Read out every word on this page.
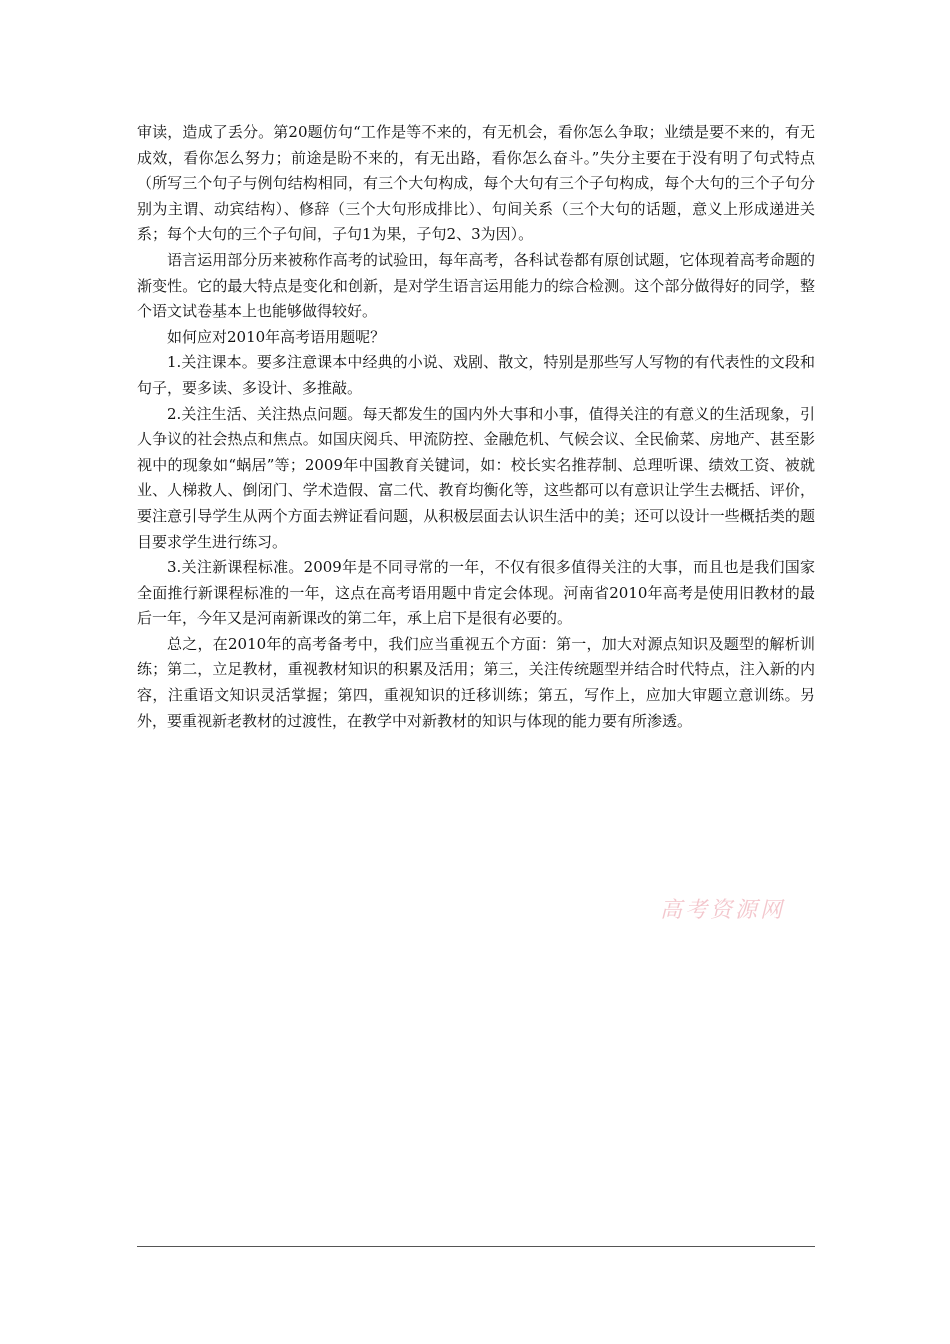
审读，造成了丢分。第20题仿句“工作是等不来的，有无机会，看你怎么争取；业绩是要不来的，有无成效，看你怎么努力；前途是盼不来的，有无出路，看你怎么奋斗。”失分主要在于没有明了句式特点（所写三个句子与例句结构相同，有三个大句构成，每个大句有三个子句构成，每个大句的三个子句分别为主谓、动宾结构）、修辞（三个大句形成排比）、句间关系（三个大句的话题，意义上形成递进关系；每个大句的三个子句间，子句1为果，子句2、3为因）。

语言运用部分历来被称作高考的试验田，每年高考，各科试卷都有原创试题，它体现着高考命题的渐变性。它的最大特点是变化和创新，是对学生语言运用能力的综合检测。这个部分做得好的同学，整个语文试卷基本上也能够做得较好。

如何应对2010年高考语用题呢？

1.关注课本。要多注意课本中经典的小说、戏剧、散文，特别是那些写人写物的有代表性的文段和句子，要多读、多设计、多推敲。

2.关注生活、关注热点问题。每天都发生的国内外大事和小事，值得关注的有意义的生活现象，引人争议的社会热点和焦点。如国庆阅兵、甲流防控、金融危机、气候会议、全民偷菜、房地产、甚至影视中的现象如“蜗居”等；2009年中国教育关键词，如：校长实名推荐制、总理听课、绩效工资、被就业、人梯救人、倒闭门、学术造假、富二代、教育均衡化等，这些都可以有意识让学生去概括、评价，要注意引导学生从两个方面去辨证看问题，从积极层面去认识生活中的美；还可以设计一些概括类的题目要求学生进行练习。

3.关注新课程标准。2009年是不同寻常的一年，不仅有很多值得关注的大事，而且也是我们国家全面推行新课程标准的一年，这点在高考语用题中肯定会体现。河南省2010年高考是使用旧教材的最后一年，今年又是河南新课改的第二年，承上启下是很有必要的。

总之，在2010年的高考备考中，我们应当重视五个方面：第一，加大对源点知识及题型的解析训练；第二，立足教材，重视教材知识的积累及活用；第三，关注传统题型并结合时代特点，注入新的内容，注重语文知识灵活掌握；第四，重视知识的迁移训练；第五，写作上，应加大审题立意训练。另外，要重视新老教材的过渡性，在教学中对新教材的知识与体现的能力要有所渗透。

高考资源网
